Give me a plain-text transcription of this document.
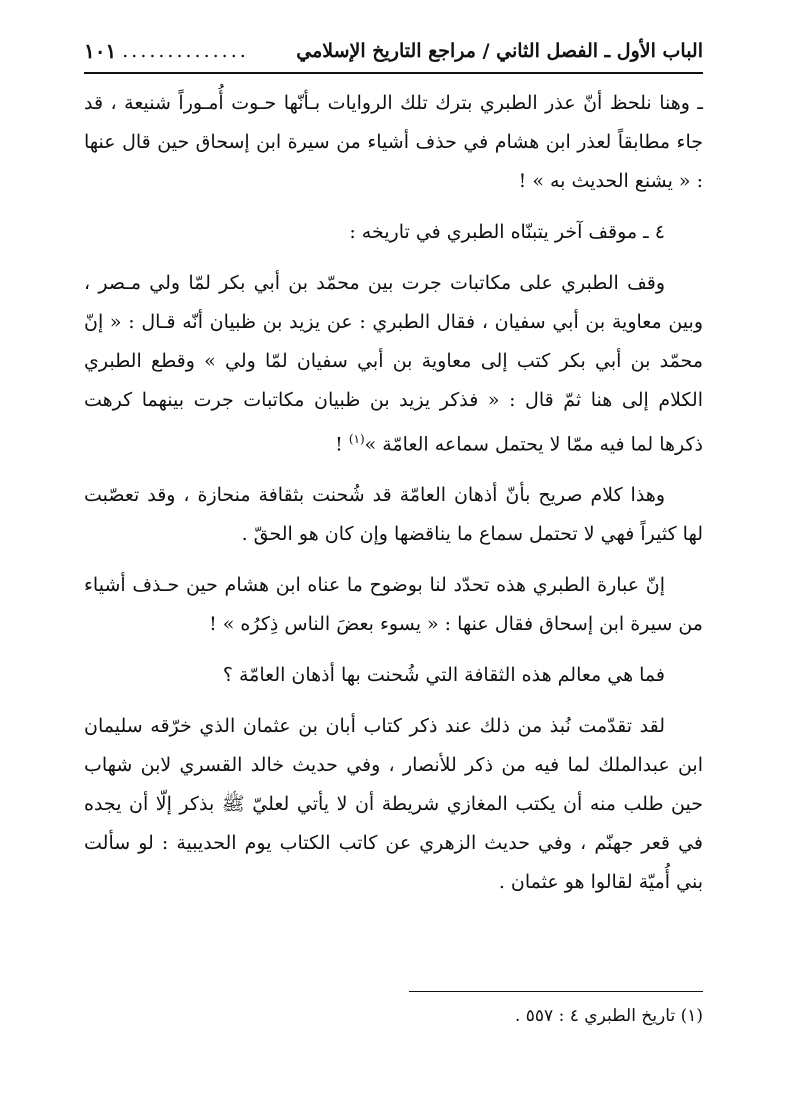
الباب الأول ـ الفصل الثاني / مراجع التاريخ الإسلامي
١٠١ ..............

ـ وهنا نلحظ أنّ عذر الطبري بترك تلك الروايات بـأنّها حـوت أُمـوراً شنيعة ، قد جاء مطابقاً لعذر ابن هشام في حذف أشياء من سيرة ابن إسحاق حين قال عنها : « يشنع الحديث به » !

٤ ـ موقف آخر يتبنّاه الطبري في تاريخه :

وقف الطبري على مكاتبات جرت بين محمّد بن أبي بكر لمّا ولي مـصر ، وبين معاوية بن أبي سفيان ، فقال الطبري : عن يزيد بن ظبيان أنّه قـال : « إنّ محمّد بن أبي بكر كتب إلى معاوية بن أبي سفيان لمّا ولي » وقطع الطبري الكلام إلى هنا ثمّ قال : « فذكر يزيد بن ظبيان مكاتبات جرت بينهما كرهت ذكرها لما فيه ممّا لا يحتمل سماعه العامّة »$^{(١)}$ !

وهذا كلام صريح بأنّ أذهان العامّة قد شُحنت بثقافة منحازة ، وقد تعصّبت لها كثيراً فهي لا تحتمل سماع ما يناقضها وإن كان هو الحقّ .

إنّ عبارة الطبري هذه تحدّد لنا بوضوح ما عناه ابن هشام حين حـذف أشياء من سيرة ابن إسحاق فقال عنها : « يسوء بعضَ الناس ذِكرُه » !

فما هي معالم هذه الثقافة التي شُحنت بها أذهان العامّة ؟

لقد تقدّمت نُبذ من ذلك عند ذكر كتاب أبان بن عثمان الذي خرّقه سليمان ابن عبدالملك لما فيه من ذكر للأنصار ، وفي حديث خالد القسري لابن شهاب حين طلب منه أن يكتب المغازي شريطة أن لا يأتي لعليّ ﷺ بذكر إلّا أن يجده في قعر جهنّم ، وفي حديث الزهري عن كاتب الكتاب يوم الحديبية : لو سألت بني أُميّة لقالوا هو عثمان .

(١) تاريخ الطبري ٤ : ٥٥٧ .
